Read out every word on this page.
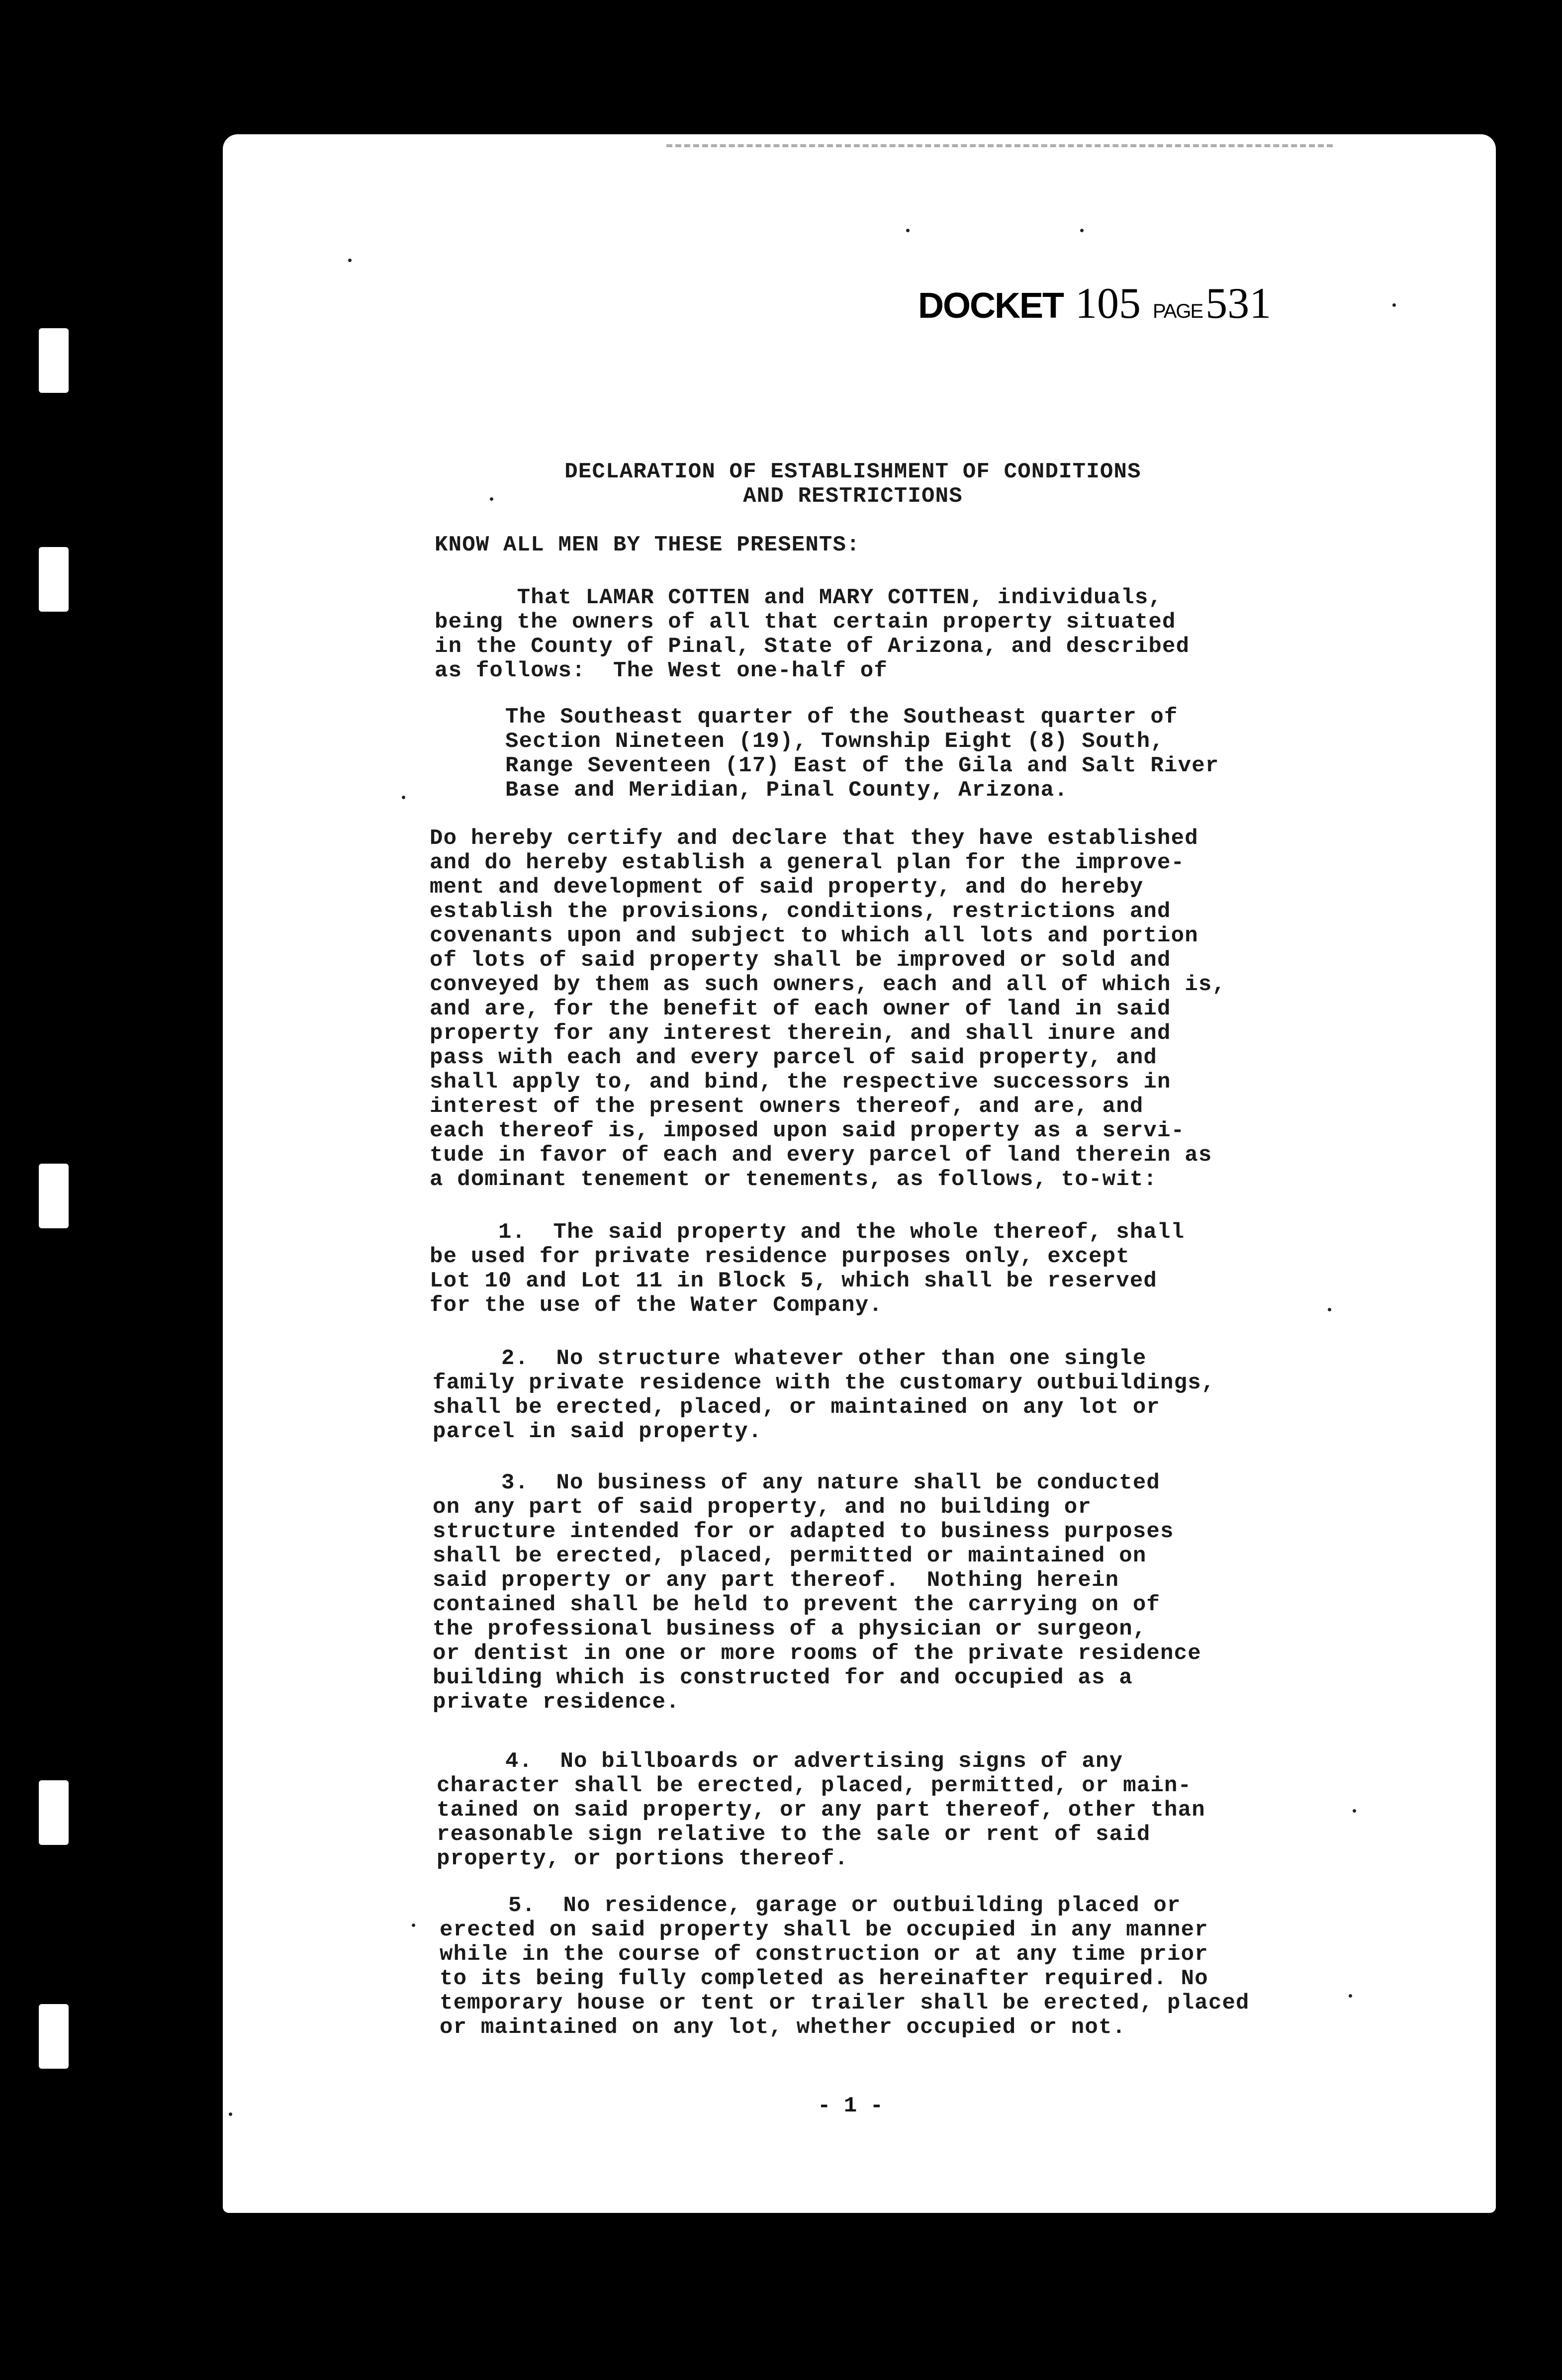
DOCKET 105 PAGE 531
DECLARATION OF ESTABLISHMENT OF CONDITIONS
AND RESTRICTIONS
KNOW ALL MEN BY THESE PRESENTS:
That LAMAR COTTEN and MARY COTTEN, individuals,
being the owners of all that certain property situated
in the County of Pinal, State of Arizona, and described
as follows:  The West one-half of
The Southeast quarter of the Southeast quarter of
Section Nineteen (19), Township Eight (8) South,
Range Seventeen (17) East of the Gila and Salt River
Base and Meridian, Pinal County, Arizona.
Do hereby certify and declare that they have established
and do hereby establish a general plan for the improve-
ment and development of said property, and do hereby
establish the provisions, conditions, restrictions and
covenants upon and subject to which all lots and portion
of lots of said property shall be improved or sold and
conveyed by them as such owners, each and all of which is,
and are, for the benefit of each owner of land in said
property for any interest therein, and shall inure and
pass with each and every parcel of said property, and
shall apply to, and bind, the respective successors in
interest of the present owners thereof, and are, and
each thereof is, imposed upon said property as a servi-
tude in favor of each and every parcel of land therein as
a dominant tenement or tenements, as follows, to-wit:
1.  The said property and the whole thereof, shall
be used for private residence purposes only, except
Lot 10 and Lot 11 in Block 5, which shall be reserved
for the use of the Water Company.
2.  No structure whatever other than one single
family private residence with the customary outbuildings,
shall be erected, placed, or maintained on any lot or
parcel in said property.
3.  No business of any nature shall be conducted
on any part of said property, and no building or
structure intended for or adapted to business purposes
shall be erected, placed, permitted or maintained on
said property or any part thereof.  Nothing herein
contained shall be held to prevent the carrying on of
the professional business of a physician or surgeon,
or dentist in one or more rooms of the private residence
building which is constructed for and occupied as a
private residence.
4.  No billboards or advertising signs of any
character shall be erected, placed, permitted, or main-
tained on said property, or any part thereof, other than
reasonable sign relative to the sale or rent of said
property, or portions thereof.
5.  No residence, garage or outbuilding placed or
erected on said property shall be occupied in any manner
while in the course of construction or at any time prior
to its being fully completed as hereinafter required. No
temporary house or tent or trailer shall be erected, placed
or maintained on any lot, whether occupied or not.
- 1 -
